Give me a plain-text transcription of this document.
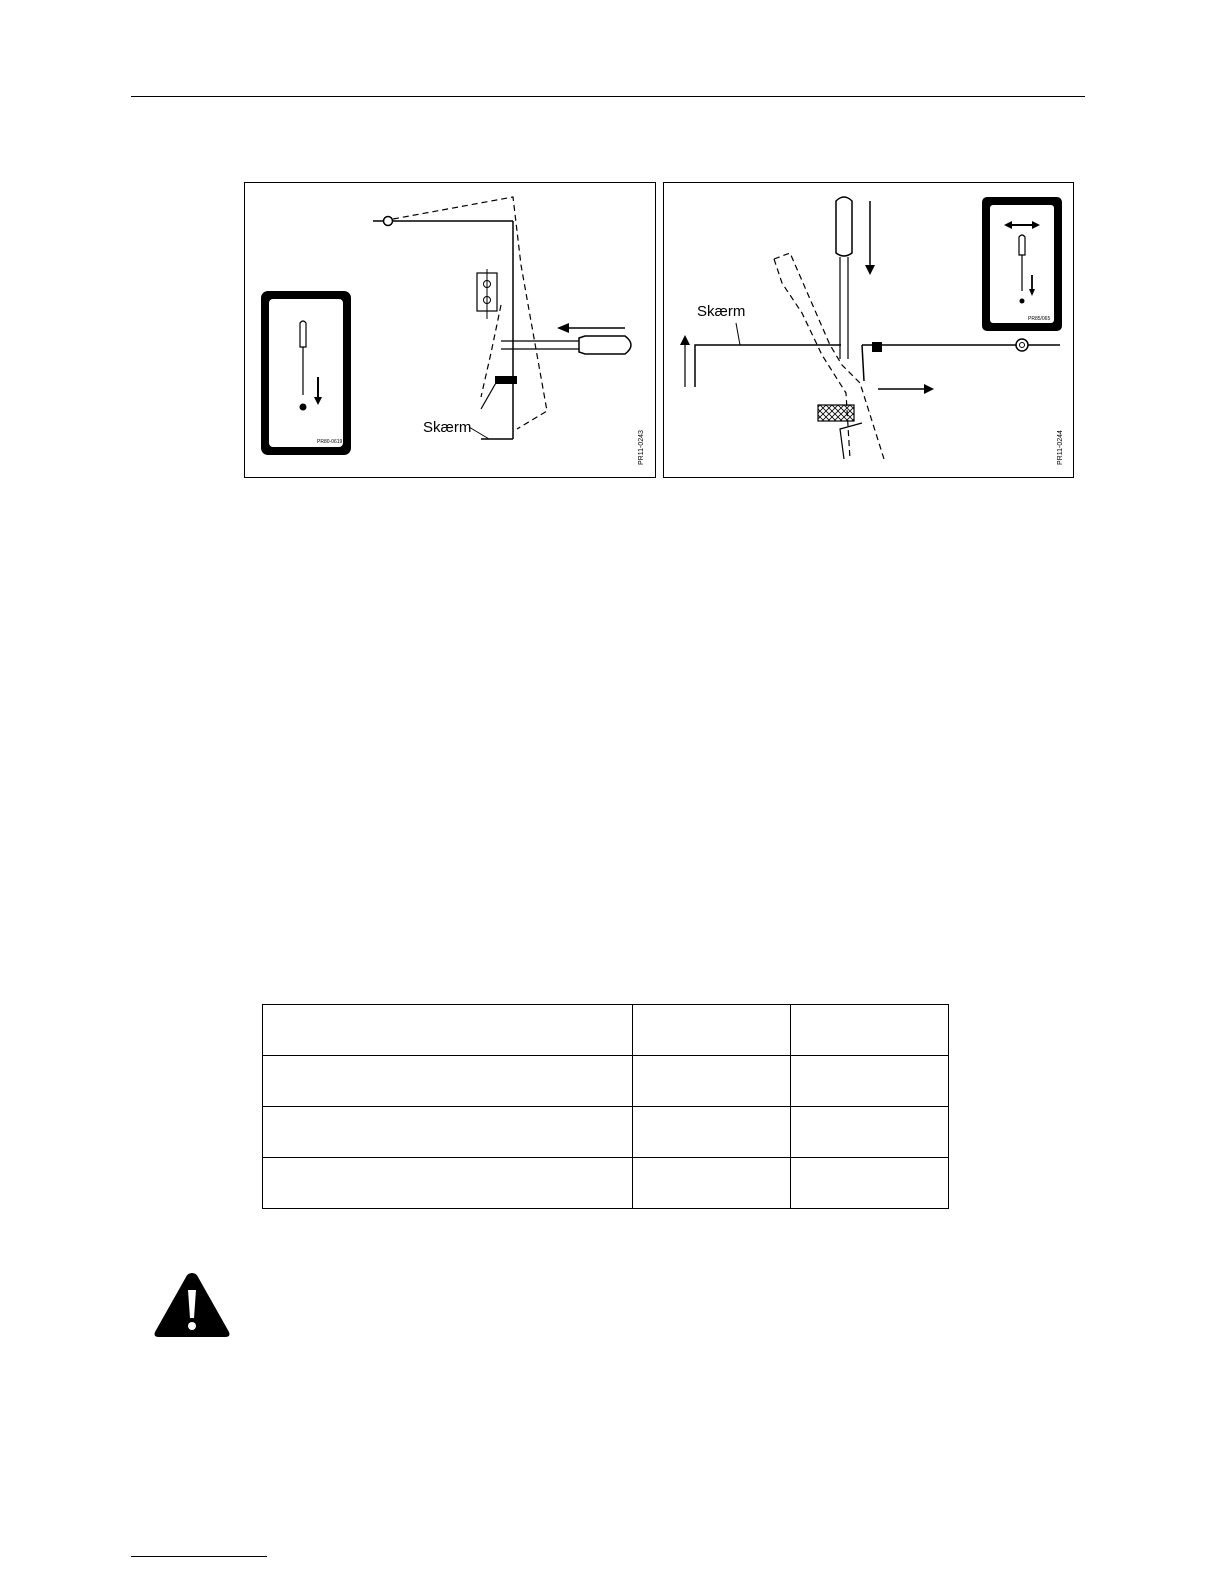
Skærm
PR80-0619	PR11-0243
Skærm	PR85/065
PR11-0244
